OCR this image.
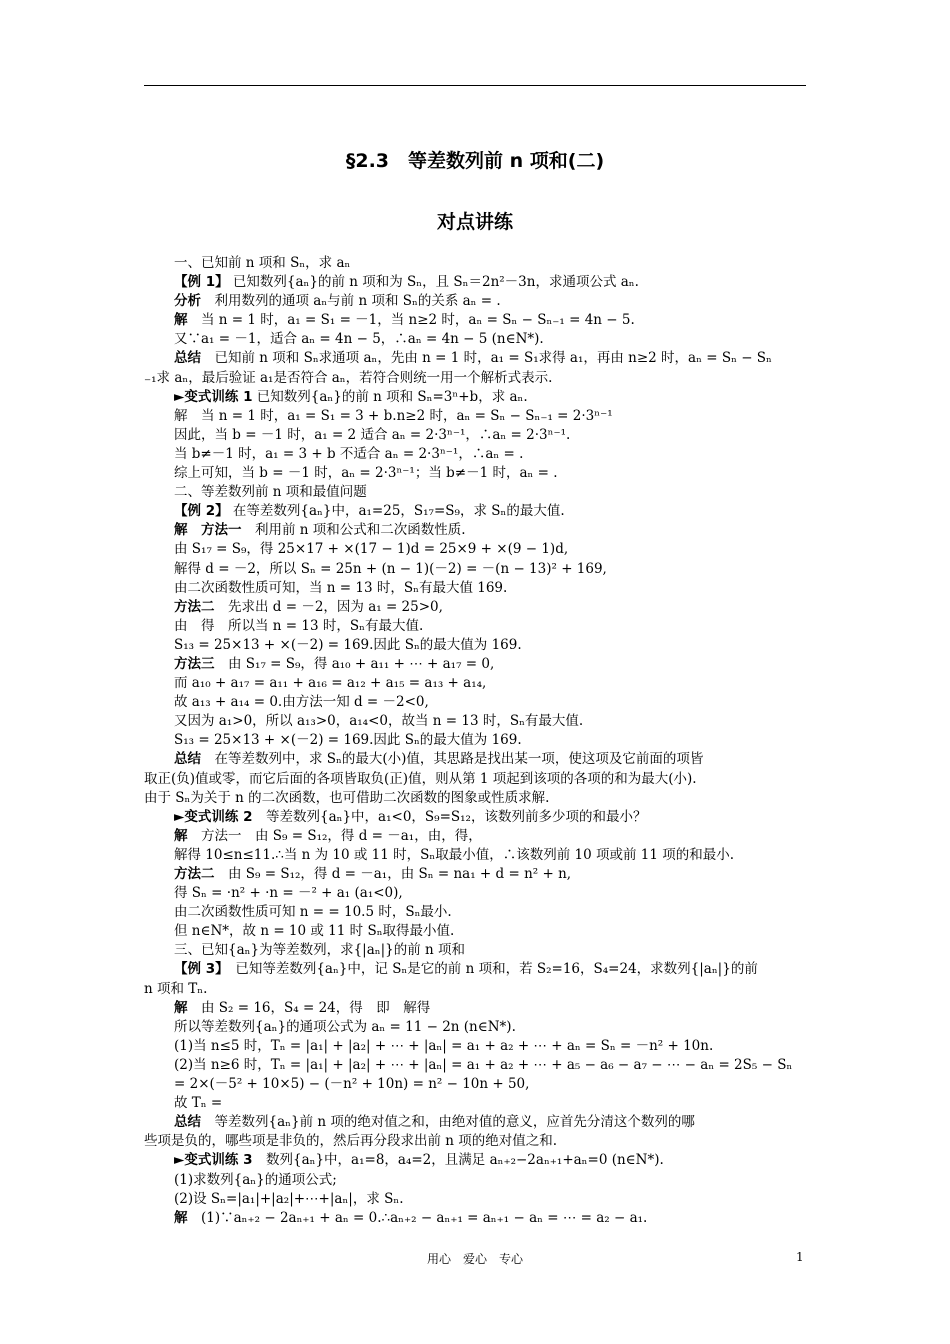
§2.3　等差数列前 n 项和(二)
对点讲练
一、已知前 n 项和 Sₙ，求 aₙ
【例 1】 已知数列{aₙ}的前 n 项和为 Sₙ，且 Sₙ＝2n²－3n，求通项公式 aₙ.
分析　利用数列的通项 aₙ与前 n 项和 Sₙ的关系 aₙ = .
解　当 n = 1 时，a₁ = S₁ = －1，当 n≥2 时，aₙ = Sₙ − Sₙ₋₁ = 4n − 5.
又∵a₁ = －1，适合 aₙ = 4n − 5，∴aₙ = 4n − 5 (n∈N*).
总结　已知前 n 项和 Sₙ求通项 aₙ，先由 n = 1 时，a₁ = S₁求得 a₁，再由 n≥2 时，aₙ = Sₙ − Sₙ
₋₁求 aₙ，最后验证 a₁是否符合 aₙ，若符合则统一用一个解析式表示.
►变式训练 1 已知数列{aₙ}的前 n 项和 Sₙ=3ⁿ+b，求 aₙ.
解　当 n = 1 时，a₁ = S₁ = 3 + b.n≥2 时，aₙ = Sₙ − Sₙ₋₁ = 2·3ⁿ⁻¹
因此，当 b = －1 时，a₁ = 2 适合 aₙ = 2·3ⁿ⁻¹，∴aₙ = 2·3ⁿ⁻¹.
当 b≠－1 时，a₁ = 3 + b 不适合 aₙ = 2·3ⁿ⁻¹，∴aₙ = .
综上可知，当 b = －1 时，aₙ = 2·3ⁿ⁻¹；当 b≠－1 时，aₙ = .
二、等差数列前 n 项和最值问题
【例 2】 在等差数列{aₙ}中，a₁=25，S₁₇=S₉，求 Sₙ的最大值.
解　方法一　利用前 n 项和公式和二次函数性质.
由 S₁₇ = S₉，得 25×17 + ×(17 − 1)d = 25×9 + ×(9 − 1)d,
解得 d = －2，所以 Sₙ = 25n + (n − 1)(－2) = －(n − 13)² + 169,
由二次函数性质可知，当 n = 13 时，Sₙ有最大值 169.
方法二　先求出 d = －2，因为 a₁ = 25>0,
由　得　所以当 n = 13 时，Sₙ有最大值.
S₁₃ = 25×13 + ×(－2) = 169.因此 Sₙ的最大值为 169.
方法三　由 S₁₇ = S₉，得 a₁₀ + a₁₁ + ⋯ + a₁₇ = 0,
而 a₁₀ + a₁₇ = a₁₁ + a₁₆ = a₁₂ + a₁₅ = a₁₃ + a₁₄,
故 a₁₃ + a₁₄ = 0.由方法一知 d = －2<0,
又因为 a₁>0，所以 a₁₃>0，a₁₄<0，故当 n = 13 时，Sₙ有最大值.
S₁₃ = 25×13 + ×(－2) = 169.因此 Sₙ的最大值为 169.
总结　在等差数列中，求 Sₙ的最大(小)值，其思路是找出某一项，使这项及它前面的项皆
取正(负)值或零，而它后面的各项皆取负(正)值，则从第 1 项起到该项的各项的和为最大(小).
由于 Sₙ为关于 n 的二次函数，也可借助二次函数的图象或性质求解.
►变式训练 2　等差数列{aₙ}中，a₁<0，S₉=S₁₂，该数列前多少项的和最小？
解　方法一　由 S₉ = S₁₂，得 d = －a₁，由，得，
解得 10≤n≤11.∴当 n 为 10 或 11 时，Sₙ取最小值，∴该数列前 10 项或前 11 项的和最小.
方法二　由 S₉ = S₁₂，得 d = －a₁，由 Sₙ = na₁ + d = n² + n,
得 Sₙ = ·n² + ·n = －² + a₁ (a₁<0),
由二次函数性质可知 n = = 10.5 时，Sₙ最小.
但 n∈N*，故 n = 10 或 11 时 Sₙ取得最小值.
三、已知{aₙ}为等差数列，求{|aₙ|}的前 n 项和
【例 3】　已知等差数列{aₙ}中，记 Sₙ是它的前 n 项和，若 S₂=16，S₄=24，求数列{|aₙ|}的前
n 项和 Tₙ.
解　由 S₂ = 16，S₄ = 24，得　即　解得
所以等差数列{aₙ}的通项公式为 aₙ = 11 − 2n (n∈N*).
(1)当 n≤5 时，Tₙ = |a₁| + |a₂| + ⋯ + |aₙ| = a₁ + a₂ + ⋯ + aₙ = Sₙ = －n² + 10n.
(2)当 n≥6 时，Tₙ = |a₁| + |a₂| + ⋯ + |aₙ| = a₁ + a₂ + ⋯ + a₅ − a₆ − a₇ − ⋯ − aₙ = 2S₅ − Sₙ
= 2×(－5² + 10×5) − (－n² + 10n) = n² − 10n + 50,
故 Tₙ =
总结　等差数列{aₙ}前 n 项的绝对值之和，由绝对值的意义，应首先分清这个数列的哪
些项是负的，哪些项是非负的，然后再分段求出前 n 项的绝对值之和.
►变式训练 3　数列{aₙ}中，a₁=8，a₄=2，且满足 aₙ₊₂−2aₙ₊₁+aₙ=0 (n∈N*).
(1)求数列{aₙ}的通项公式;
(2)设 Sₙ=|a₁|+|a₂|+⋯+|aₙ|，求 Sₙ.
解　(1)∵aₙ₊₂ − 2aₙ₊₁ + aₙ = 0.∴aₙ₊₂ − aₙ₊₁ = aₙ₊₁ − aₙ = ⋯ = a₂ − a₁.
用心　爱心　专心	1
